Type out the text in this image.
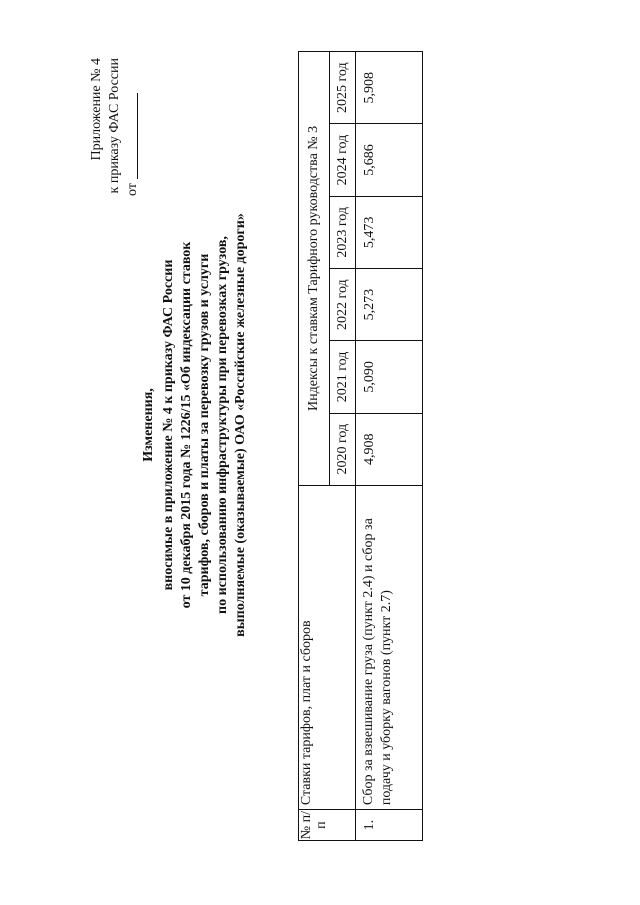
Приложение № 4 к приказу ФАС России от
Изменения, вносимые в приложение № 4 к приказу ФАС России от 10 декабря 2015 года № 1226/15 «Об индексации ставок тарифов, сборов и платы за перевозку грузов и услуги по использованию инфраструктуры при перевозках грузов, выполняемые (оказываемые) ОАО «Российские железные дороги»
№ п/п	Ставки тарифов, плат и сборов	Индексы к ставкам Тарифного руководства № 3					
		2020 год	2021 год	2022 год	2023 год	2024 год	2025 год
1.	Сбор за взвешивание груза (пункт 2.4) и сбор за подачу и уборку вагонов (пункт 2.7)	4,908	5,090	5,273	5,473	5,686	5,908
